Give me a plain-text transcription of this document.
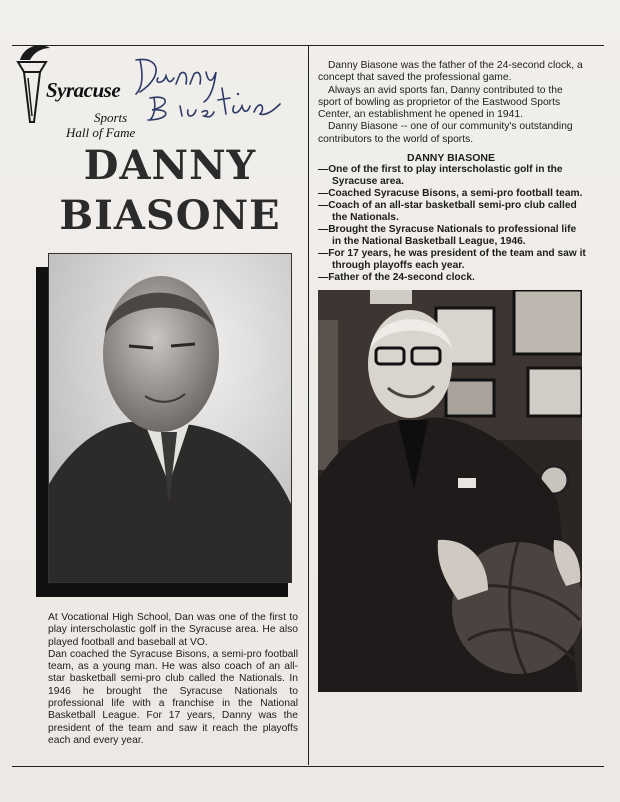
Syracuse
Sports
Hall of Fame
DANNY
BIASONE

At Vocational High School, Dan was one of the first to play interscholastic golf in the Syracuse area. He also played football and baseball at VO.

Dan coached the Syracuse Bisons, a semi-pro football team, as a young man. He was also coach of an all-star basketball semi-pro club called the Nationals. In 1946 he brought the Syracuse Nationals to professional life with a franchise in the National Basketball League. For 17 years, Danny was the president of the team and saw it reach the playoffs each and every year.

Danny Biasone was the father of the 24-second clock, a concept that saved the professional game.

Always an avid sports fan, Danny contributed to the sport of bowling as proprietor of the Eastwood Sports Center, an establishment he opened in 1941.

Danny Biasone -- one of our community's outstanding contributors to the world of sports.

DANNY BIASONE
—One of the first to play interscholastic golf in the Syracuse area.
—Coached Syracuse Bisons, a semi-pro football team.
—Coach of an all-star basketball semi-pro club called the Nationals.
—Brought the Syracuse Nationals to professional life in the National Basketball League, 1946.
—For 17 years, he was president of the team and saw it through playoffs each year.
—Father of the 24-second clock.
